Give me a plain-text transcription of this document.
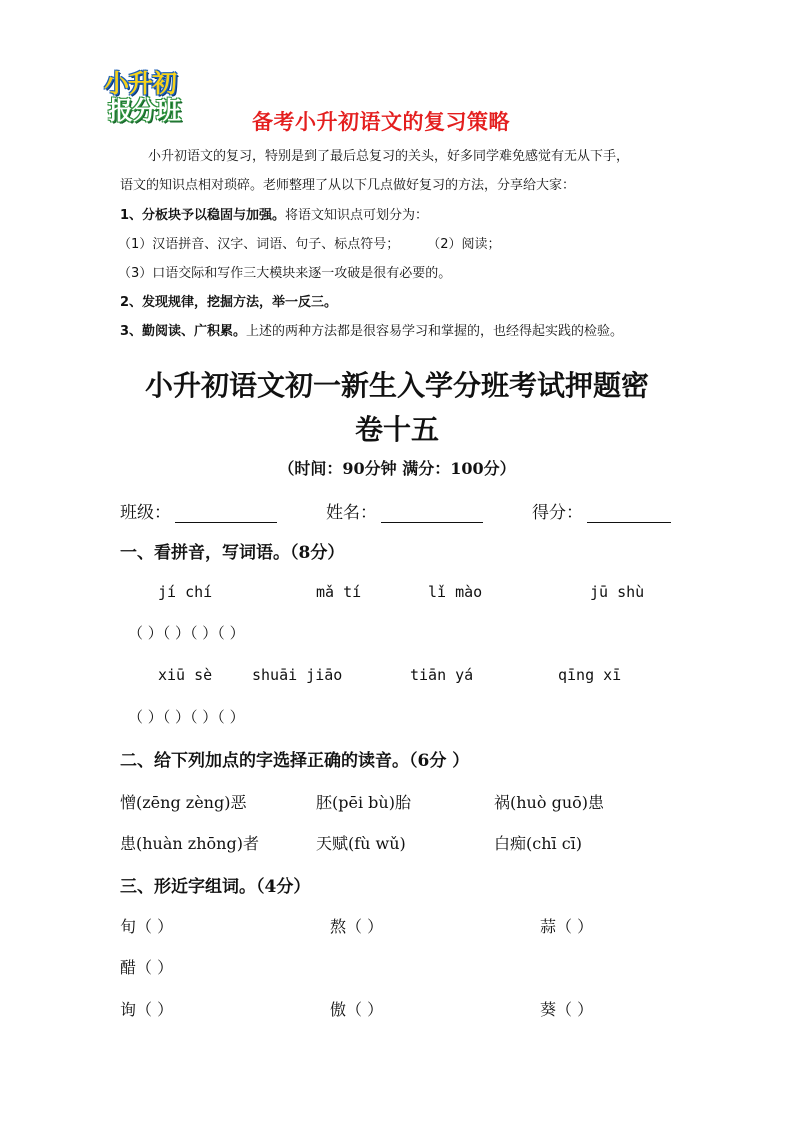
小升初
报分班	备考小升初语文的复习策略
小升初语文的复习，特别是到了最后总复习的关头，好多同学难免感觉有无从下手，
语文的知识点相对琐碎。老师整理了从以下几点做好复习的方法，分享给大家：
1、分板块予以稳固与加强。将语文知识点可划分为：
（1）汉语拼音、汉字、词语、句子、标点符号； （2）阅读；
（3）口语交际和写作三大模块来逐一攻破是很有必要的。
2、发现规律，挖掘方法，举一反三。
3、勤阅读、广积累。上述的两种方法都是很容易学习和掌握的，也经得起实践的检验。
小升初语文初一新生入学分班考试押题密
卷十五
（时间：90分钟 满分：100分）
班级：	姓名：	得分：
一、看拼音，写词语。（8分）
jí chí	mǎ tí	lǐ mào	jū shù
（ ）（ ）（ ）（ ）
xiū sè	shuāi jiāo	tiān yá	qīng xī
（ ）（ ）（ ）（ ）
二、给下列加点的字选择正确的读音。（6分 ）
憎(zēng zèng)恶	胚(pēi bù)胎	祸(huò guō)患
患(huàn zhōng)者	天赋(fù wǔ)	白痴(chī cī)
三、形近字组词。（4分）
旬（ ）	熬（ ）	蒜（ ）
醋（ ）
询（ ）	傲（ ）	葵（ ）
